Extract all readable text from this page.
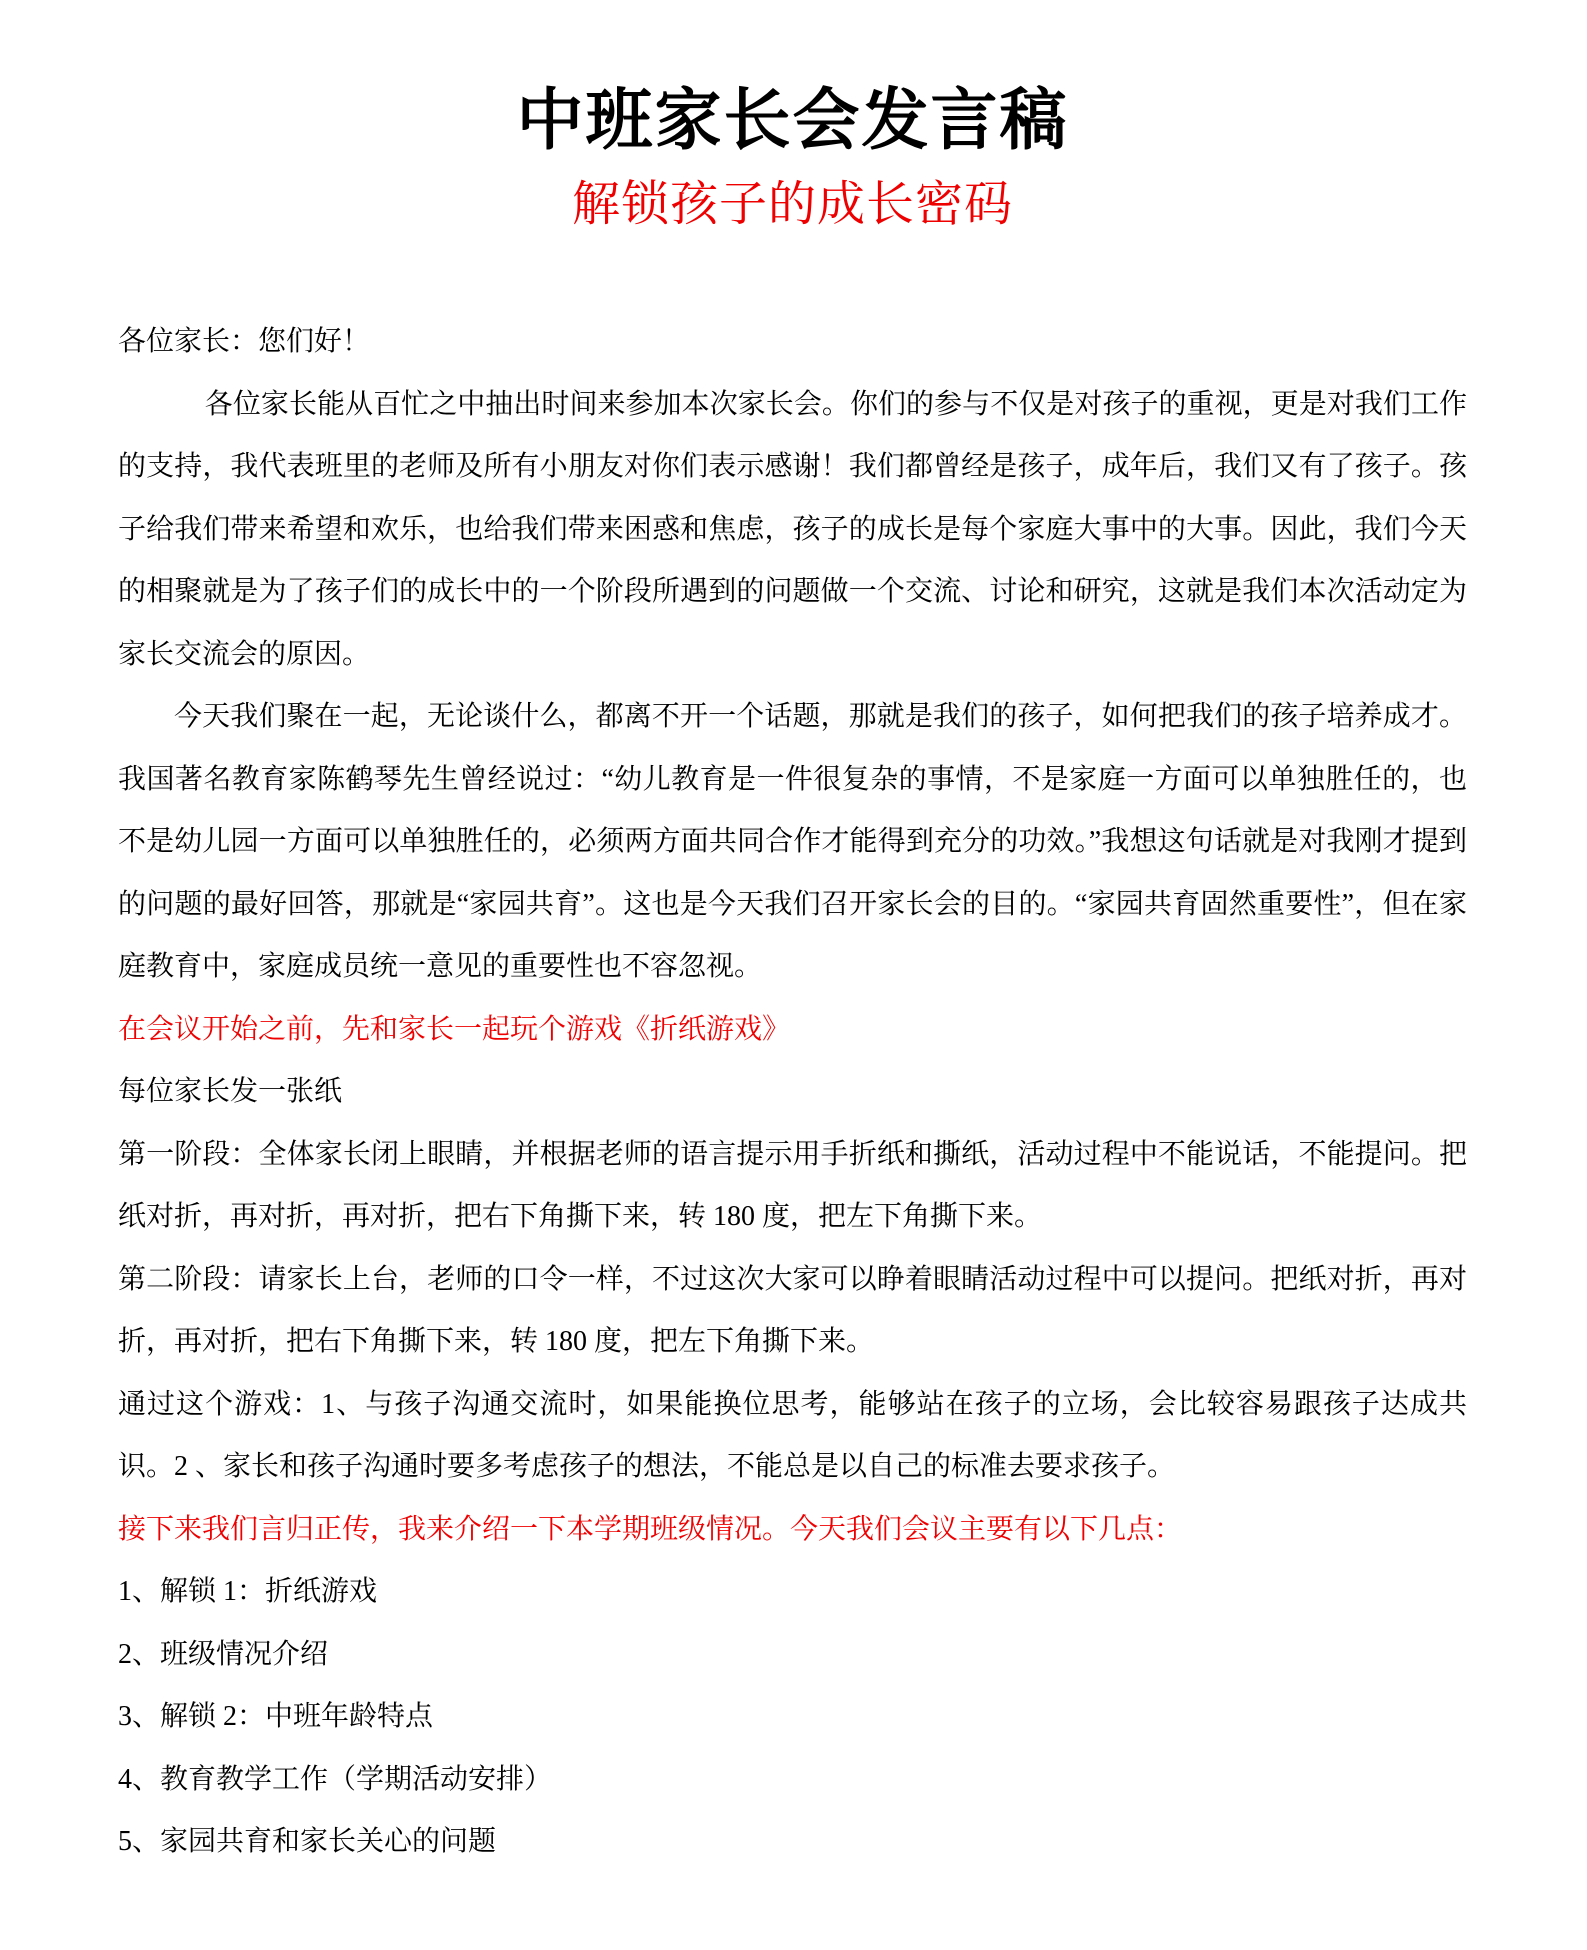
中班家长会发言稿
解锁孩子的成长密码

各位家长：您们好！

各位家长能从百忙之中抽出时间来参加本次家长会。你们的参与不仅是对孩子的重视，更是对我们工作的支持，我代表班里的老师及所有小朋友对你们表示感谢！我们都曾经是孩子，成年后，我们又有了孩子。孩子给我们带来希望和欢乐，也给我们带来困惑和焦虑，孩子的成长是每个家庭大事中的大事。因此，我们今天的相聚就是为了孩子们的成长中的一个阶段所遇到的问题做一个交流、讨论和研究，这就是我们本次活动定为家长交流会的原因。

今天我们聚在一起，无论谈什么，都离不开一个话题，那就是我们的孩子，如何把我们的孩子培养成才。我国著名教育家陈鹤琴先生曾经说过：“幼儿教育是一件很复杂的事情，不是家庭一方面可以单独胜任的，也不是幼儿园一方面可以单独胜任的，必须两方面共同合作才能得到充分的功效。”我想这句话就是对我刚才提到的问题的最好回答，那就是“家园共育”。这也是今天我们召开家长会的目的。“家园共育固然重要性”，但在家庭教育中，家庭成员统一意见的重要性也不容忽视。

在会议开始之前，先和家长一起玩个游戏《折纸游戏》

每位家长发一张纸

第一阶段：全体家长闭上眼睛，并根据老师的语言提示用手折纸和撕纸，活动过程中不能说话，不能提问。把纸对折，再对折，再对折，把右下角撕下来，转 180 度，把左下角撕下来。

第二阶段：请家长上台，老师的口令一样，不过这次大家可以睁着眼睛活动过程中可以提问。把纸对折，再对折，再对折，把右下角撕下来，转 180 度，把左下角撕下来。

通过这个游戏：1、与孩子沟通交流时，如果能换位思考，能够站在孩子的立场，会比较容易跟孩子达成共识。2 、家长和孩子沟通时要多考虑孩子的想法，不能总是以自己的标准去要求孩子。

接下来我们言归正传，我来介绍一下本学期班级情况。今天我们会议主要有以下几点：

1、解锁 1：折纸游戏

2、班级情况介绍

3、解锁 2：中班年龄特点

4、教育教学工作（学期活动安排）

5、家园共育和家长关心的问题
